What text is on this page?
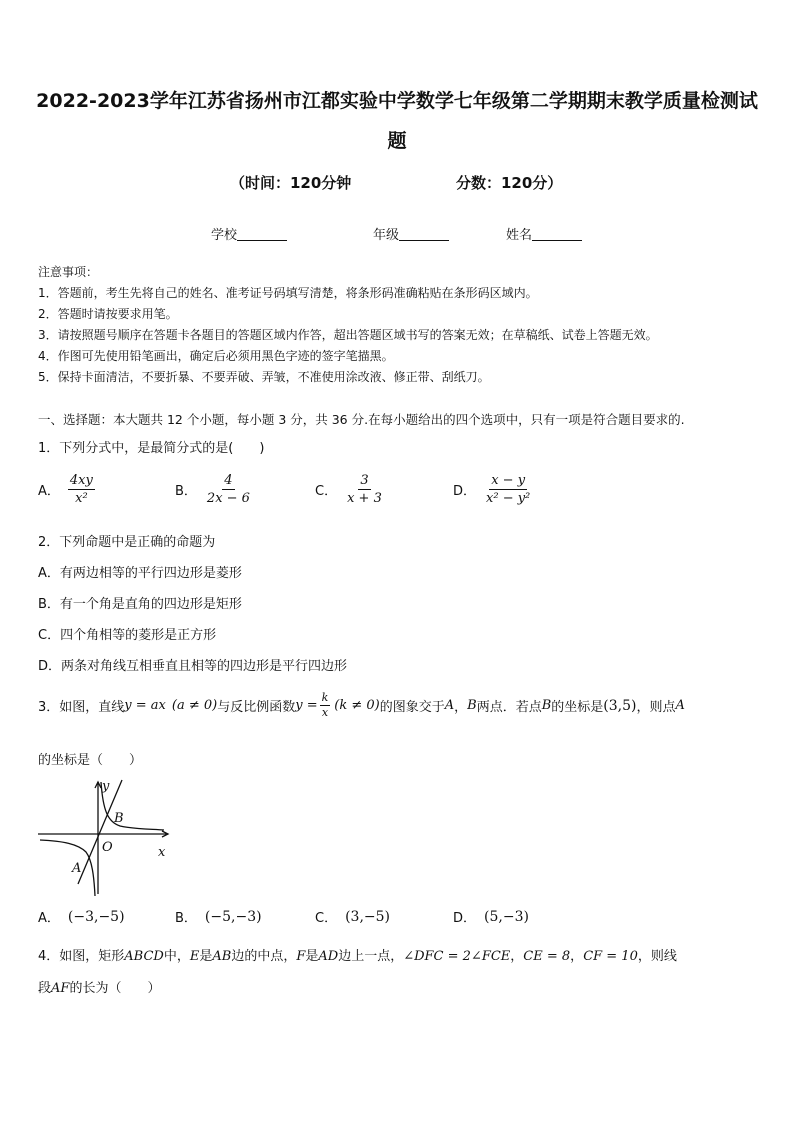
2022-2023学年江苏省扬州市江都实验中学数学七年级第二学期期末教学质量检测试
题
（时间：120分钟	分数：120分）
学校	年级	姓名
注意事项：
1．答题前，考生先将自己的姓名、准考证号码填写清楚，将条形码准确粘贴在条形码区域内。
2．答题时请按要求用笔。
3．请按照题号顺序在答题卡各题目的答题区域内作答，超出答题区域书写的答案无效；在草稿纸、试卷上答题无效。
4．作图可先使用铅笔画出，确定后必须用黑色字迹的签字笔描黑。
5．保持卡面清洁，不要折暴、不要弄破、弄皱，不准使用涂改液、修正带、刮纸刀。
一、选择题：本大题共 12 个小题，每小题 3 分，共 36 分.在每小题给出的四个选项中，只有一项是符合题目要求的.
1．下列分式中，是最简分式的是(　　)
A． $\frac{4xy}{\text{x²}}$	B． $\frac{4}{2x - 6}$	C． $\frac{3}{x + 3}$	D． $\frac{x - y}{\text{x² − y²}}$
2．下列命题中是正确的命题为
A．有两边相等的平行四边形是菱形
B．有一个角是直角的四边形是矩形
C．四个角相等的菱形是正方形
D．两条对角线互相垂直且相等的四边形是平行四边形
3．如图，直线 y = ax (a ≠ 0) 与反比例函数 $y = \frac{k}{x} (k \ne 0)$ 的图象交于 A ， B 两点．若点 B 的坐标是 (3,5) ，则点 A
的坐标是（　　）
y
x
O
B
A
A． (−3,−5)	B． (−5,−3)	C． (3,−5)	D． (5,−3)
4．如图，矩形ABCD中，E是AB边的中点，F是AD边上一点，∠DFC = 2∠FCE，CE = 8，CF = 10，则线
段AF的长为（　　）
